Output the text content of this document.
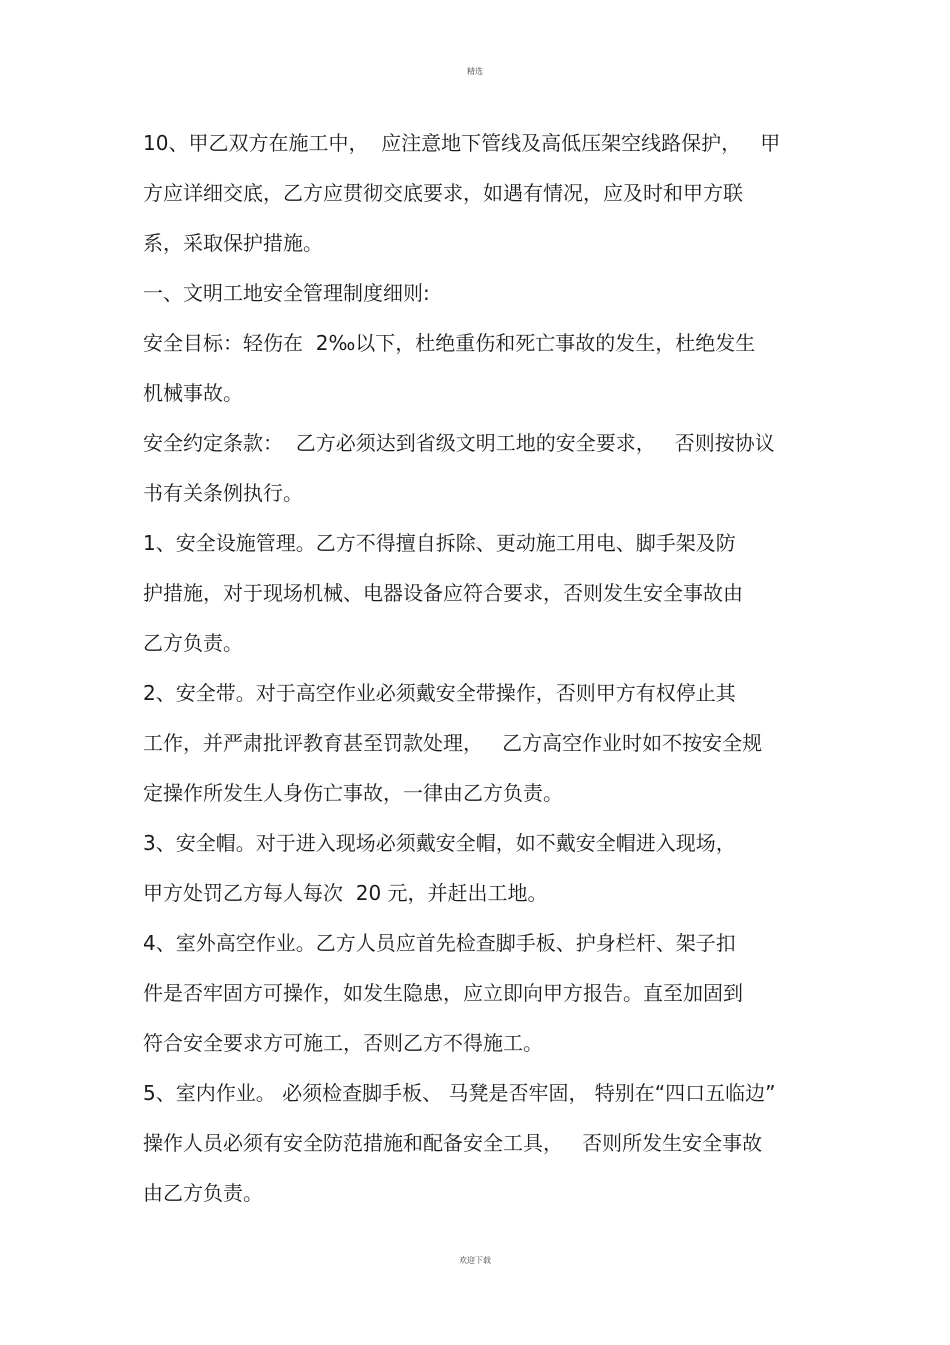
精选
10、甲乙双方在施工中，  应注意地下管线及高低压架空线路保护，   甲
方应详细交底，乙方应贯彻交底要求，如遇有情况，应及时和甲方联
系，采取保护措施。
一、文明工地安全管理制度细则:
安全目标：轻伤在  2‰以下，杜绝重伤和死亡事故的发生，杜绝发生
机械事故。
安全约定条款：  乙方必须达到省级文明工地的安全要求，   否则按协议
书有关条例执行。
1、安全设施管理。乙方不得擅自拆除、更动施工用电、脚手架及防
护措施，对于现场机械、电器设备应符合要求，否则发生安全事故由
乙方负责。
2、安全带。对于高空作业必须戴安全带操作，否则甲方有权停止其
工作，并严肃批评教育甚至罚款处理，   乙方高空作业时如不按安全规
定操作所发生人身伤亡事故，一律由乙方负责。
3、安全帽。对于进入现场必须戴安全帽，如不戴安全帽进入现场，
甲方处罚乙方每人每次  20 元，并赶出工地。
4、室外高空作业。乙方人员应首先检查脚手板、护身栏杆、架子扣
件是否牢固方可操作，如发生隐患，应立即向甲方报告。直至加固到
符合安全要求方可施工，否则乙方不得施工。
5、室内作业。 必须检查脚手板、 马凳是否牢固， 特别在“四口五临边”
操作人员必须有安全防范措施和配备安全工具，   否则所发生安全事故
由乙方负责。
欢迎下载
